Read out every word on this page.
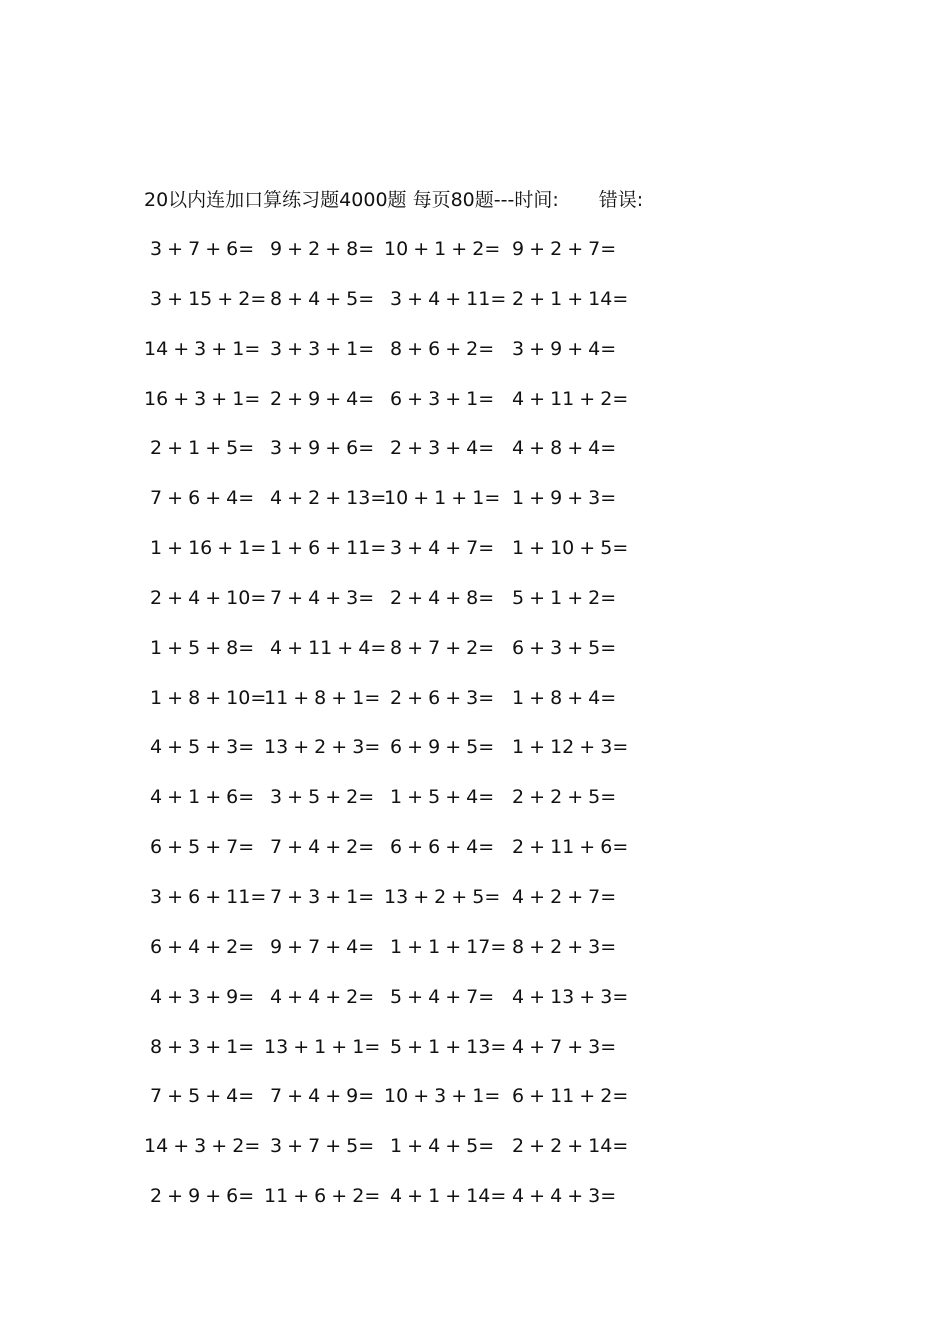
20以内连加口算练习题4000题 每页80题---时间: 错误:
3 + 7 + 6= 9 + 2 + 8= 10 + 1 + 2= 9 + 2 + 7=
3 + 15 + 2= 8 + 4 + 5= 3 + 4 + 11= 2 + 1 + 14=
14 + 3 + 1= 3 + 3 + 1= 8 + 6 + 2= 3 + 9 + 4=
16 + 3 + 1= 2 + 9 + 4= 6 + 3 + 1= 4 + 11 + 2=
2 + 1 + 5= 3 + 9 + 6= 2 + 3 + 4= 4 + 8 + 4=
7 + 6 + 4= 4 + 2 + 13=
10 + 1 + 1= 1 + 9 + 3=
1 + 16 + 1= 1 + 6 + 11= 3 + 4 + 7= 1 + 10 + 5=
2 + 4 + 10= 7 + 4 + 3= 2 + 4 + 8= 5 + 1 + 2=
1 + 5 + 8= 4 + 11 + 4= 8 + 7 + 2= 6 + 3 + 5=
1 + 8 + 10=
11 + 8 + 1= 2 + 6 + 3= 1 + 8 + 4=
4 + 5 + 3= 13 + 2 + 3= 6 + 9 + 5= 1 + 12 + 3=
4 + 1 + 6= 3 + 5 + 2= 1 + 5 + 4= 2 + 2 + 5=
6 + 5 + 7= 7 + 4 + 2= 6 + 6 + 4= 2 + 11 + 6=
3 + 6 + 11= 7 + 3 + 1= 13 + 2 + 5= 4 + 2 + 7=
6 + 4 + 2= 9 + 7 + 4= 1 + 1 + 17= 8 + 2 + 3=
4 + 3 + 9= 4 + 4 + 2= 5 + 4 + 7= 4 + 13 + 3=
8 + 3 + 1= 13 + 1 + 1= 5 + 1 + 13= 4 + 7 + 3=
7 + 5 + 4= 7 + 4 + 9= 10 + 3 + 1= 6 + 11 + 2=
14 + 3 + 2= 3 + 7 + 5= 1 + 4 + 5= 2 + 2 + 14=
2 + 9 + 6= 11 + 6 + 2= 4 + 1 + 14= 4 + 4 + 3=
